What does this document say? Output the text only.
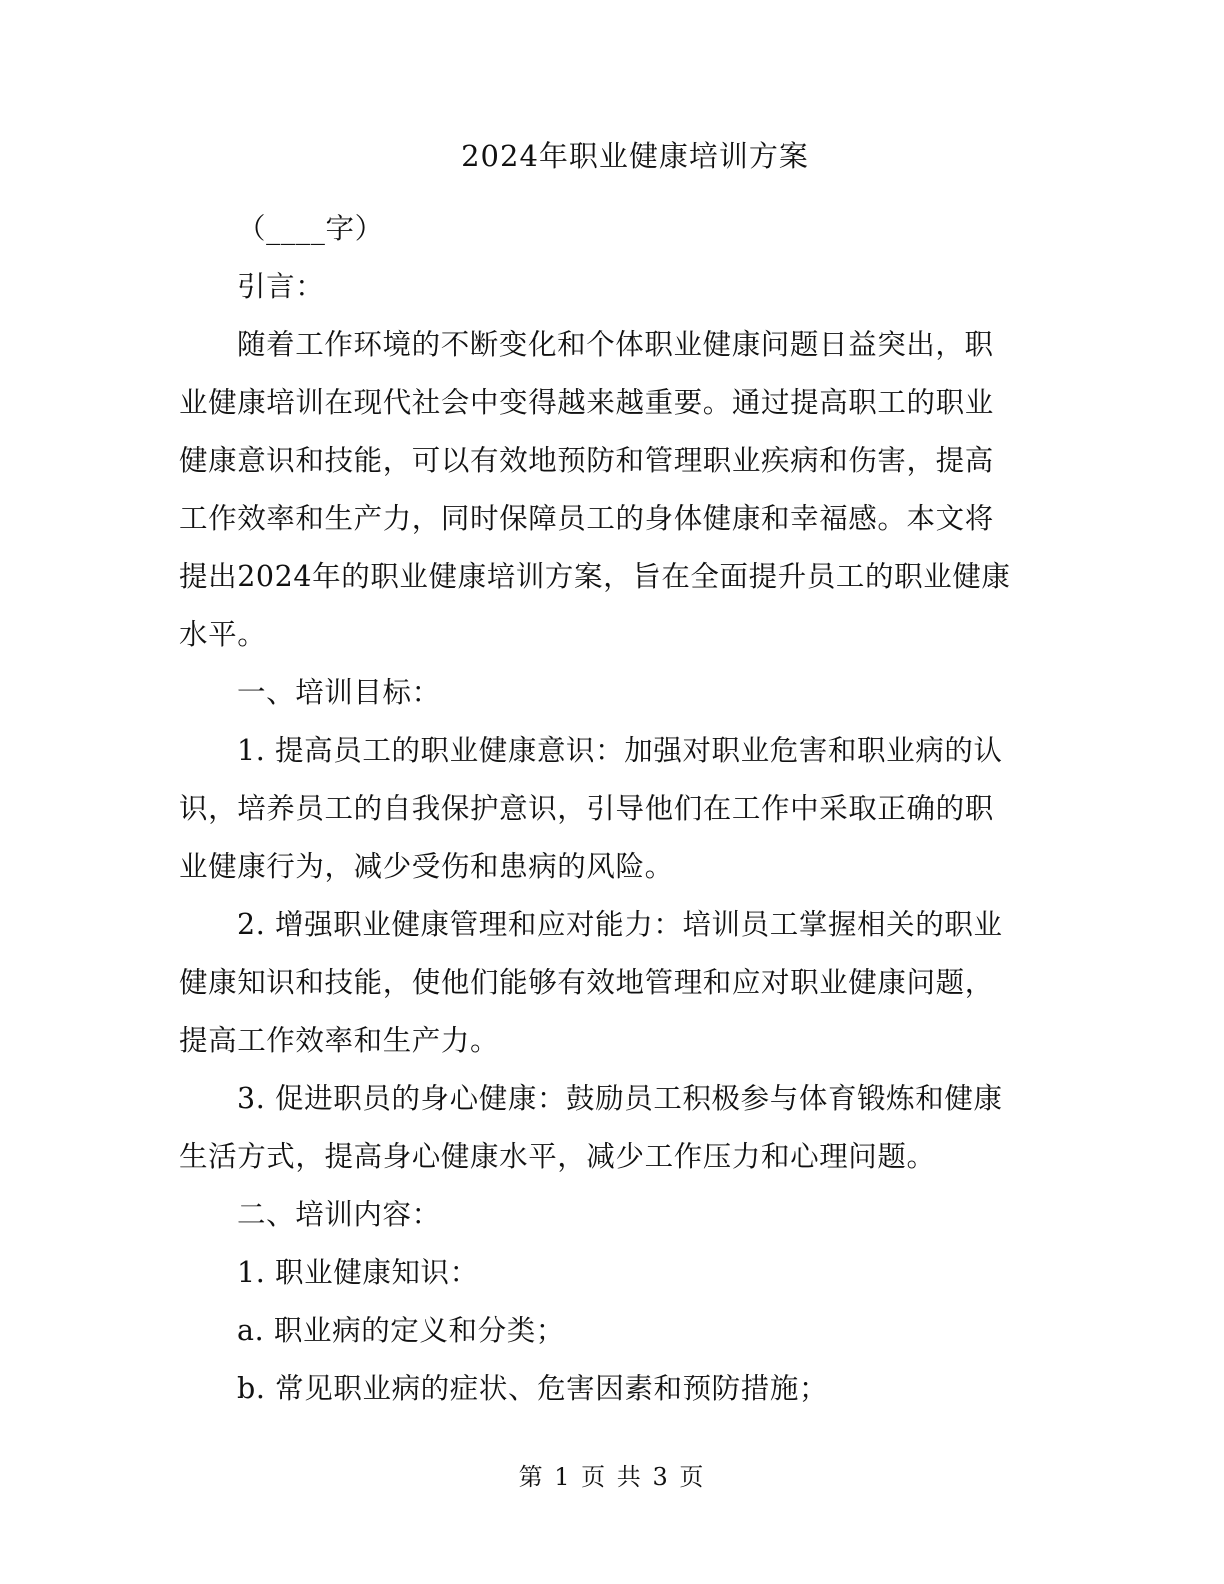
2024年职业健康培训方案

（____字）

引言：

随着工作环境的不断变化和个体职业健康问题日益突出，职

业健康培训在现代社会中变得越来越重要。通过提高职工的职业

健康意识和技能，可以有效地预防和管理职业疾病和伤害，提高

工作效率和生产力，同时保障员工的身体健康和幸福感。本文将

提出2024年的职业健康培训方案，旨在全面提升员工的职业健康

水平。

一、培训目标：

1. 提高员工的职业健康意识：加强对职业危害和职业病的认

识，培养员工的自我保护意识，引导他们在工作中采取正确的职

业健康行为，减少受伤和患病的风险。

2. 增强职业健康管理和应对能力：培训员工掌握相关的职业

健康知识和技能，使他们能够有效地管理和应对职业健康问题，

提高工作效率和生产力。

3. 促进职员的身心健康：鼓励员工积极参与体育锻炼和健康

生活方式，提高身心健康水平，减少工作压力和心理问题。

二、培训内容：

1. 职业健康知识：

a. 职业病的定义和分类；

b. 常见职业病的症状、危害因素和预防措施；

第 1 页 共 3 页
